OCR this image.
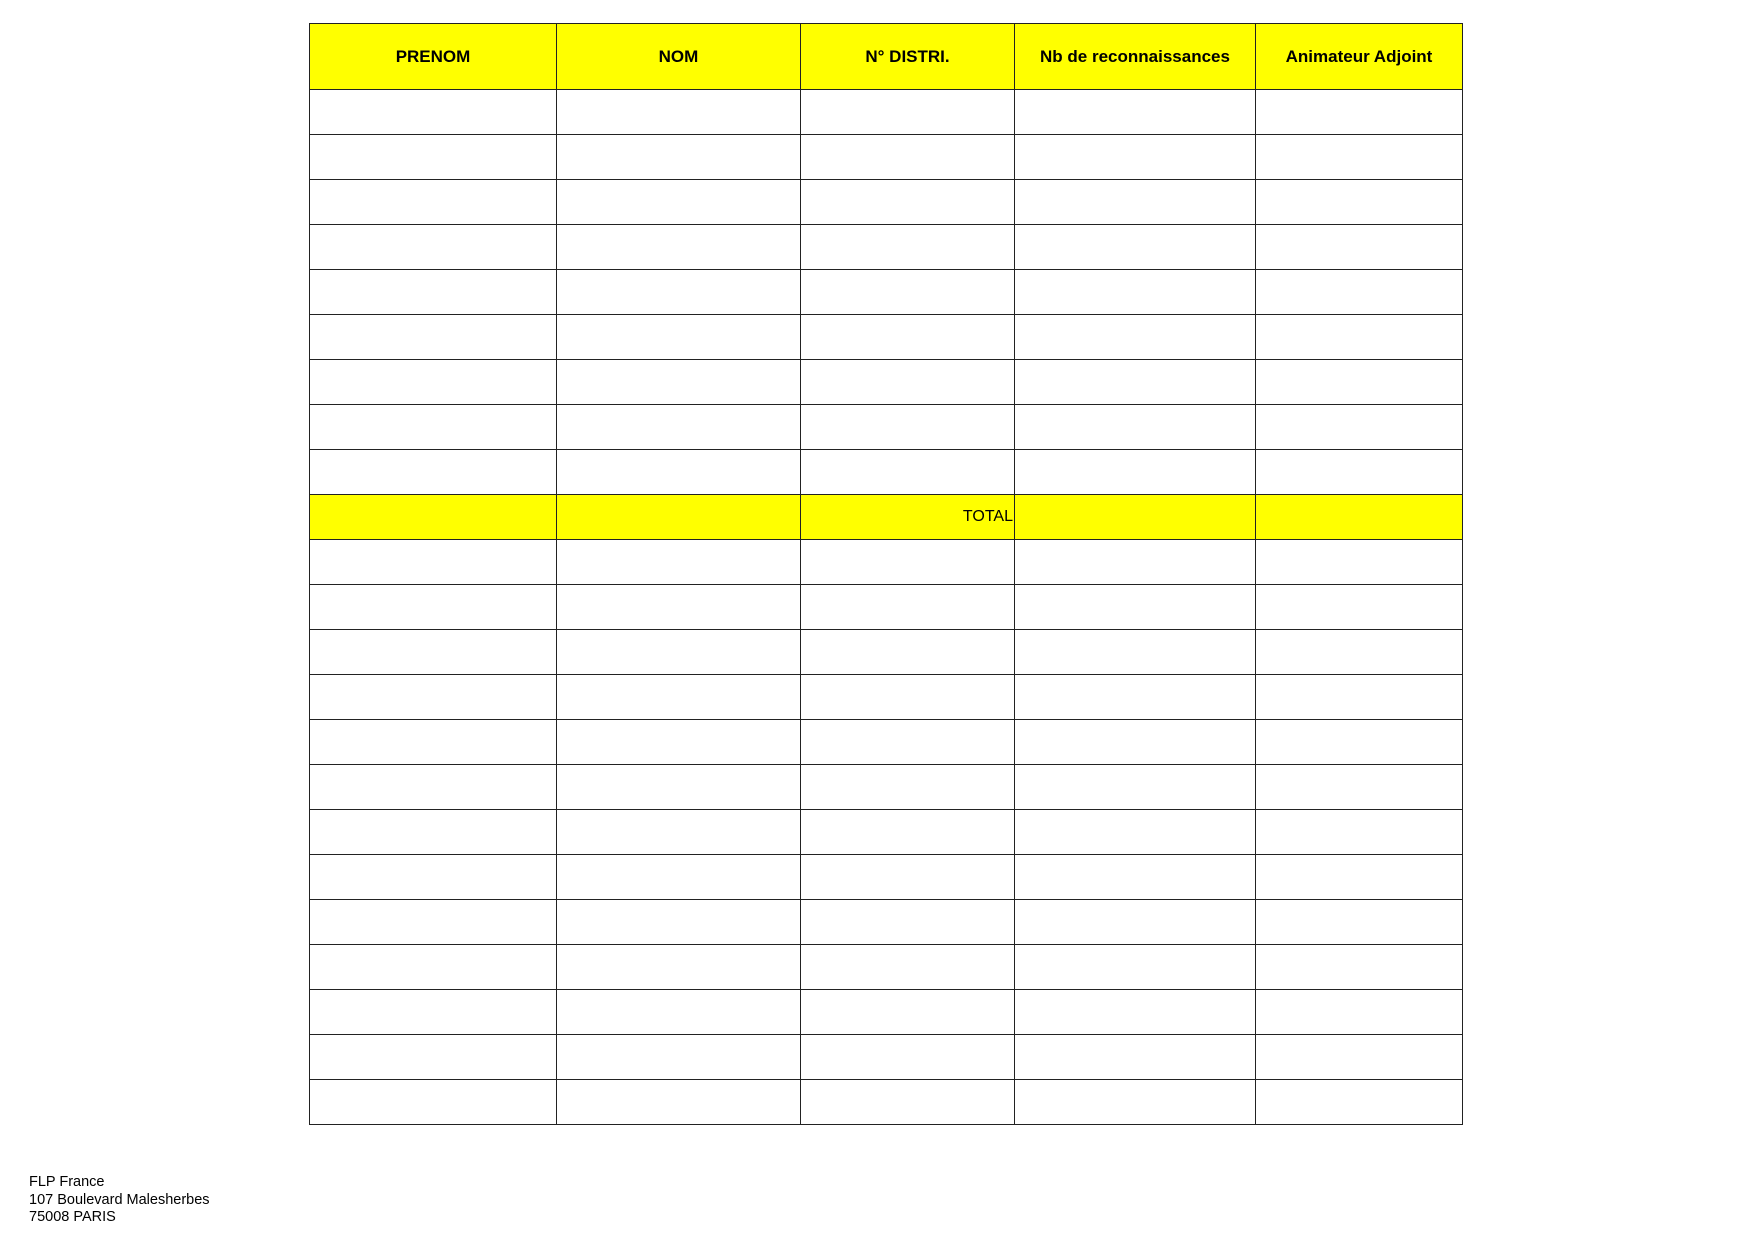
PRENOM	NOM	N° DISTRI.	Nb de reconnaissances	Animateur Adjoint

		TOTAL		

FLP France
107 Boulevard Malesherbes
75008 PARIS
